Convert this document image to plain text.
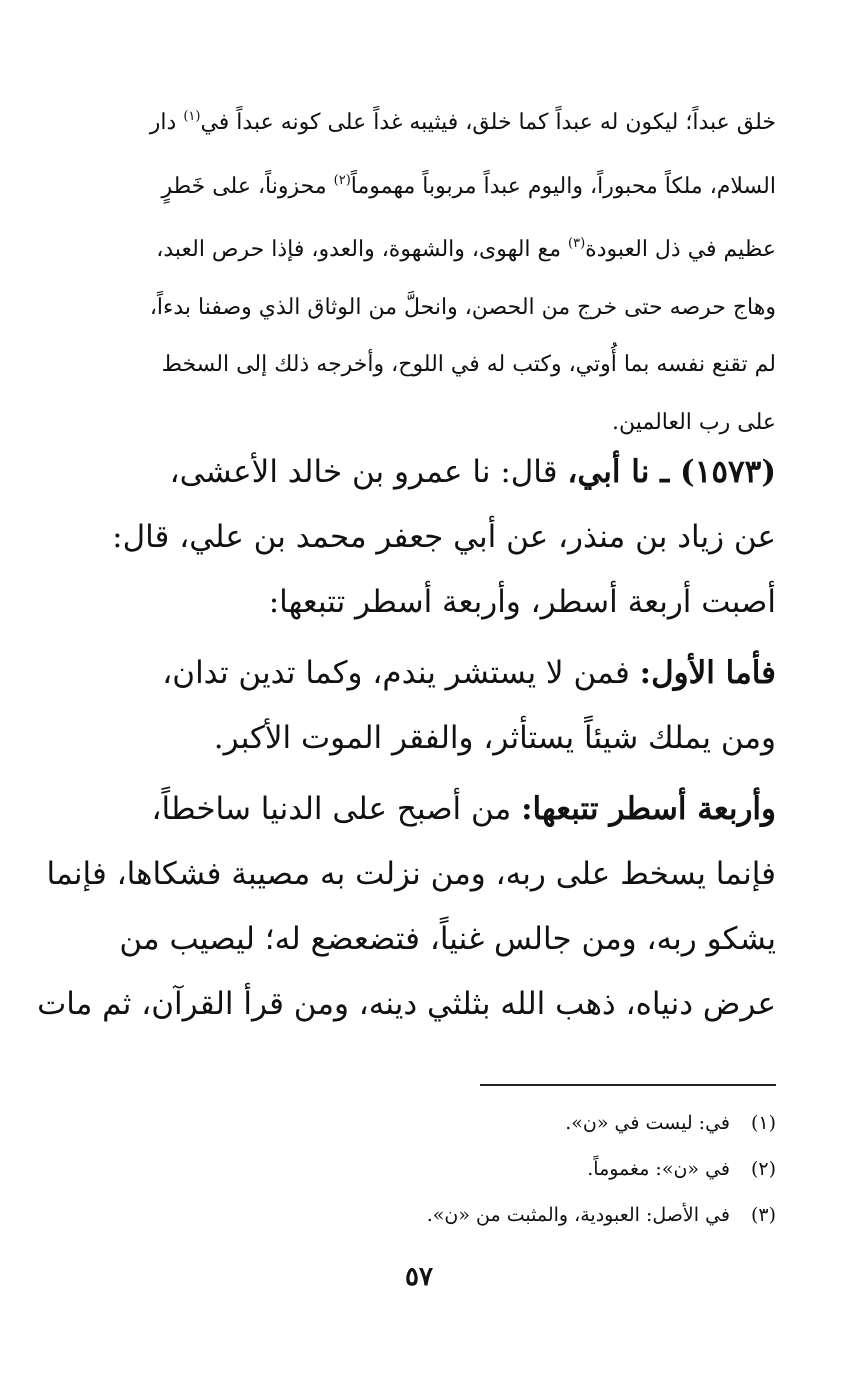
خلق عبداً؛ ليكون له عبداً كما خلق، فيثيبه غداً على كونه عبداً في$^{(١)}$ دار
السلام، ملكاً محبوراً، واليوم عبداً مربوباً مهموماً$^{(٢)}$ محزوناً، على خَطرٍ
عظيم في ذل العبودة$^{(٣)}$ مع الهوى، والشهوة، والعدو، فإذا حرص العبد،
وهاج حرصه حتى خرج من الحصن، وانحلَّ من الوثاق الذي وصفنا بدءاً،
لم تقنع نفسه بما أُوتي، وكتب له في اللوح، وأخرجه ذلك إلى السخط
على رب العالمين.
(١٥٧٣) ـ نا أبي، قال: نا عمرو بن خالد الأعشى،
عن زياد بن منذر، عن أبي جعفر محمد بن علي، قال:
أصبت أربعة أسطر، وأربعة أسطر تتبعها:
فأما الأول: فمن لا يستشر يندم، وكما تدين تدان،
ومن يملك شيئاً يستأثر، والفقر الموت الأكبر.
وأربعة أسطر تتبعها: من أصبح على الدنيا ساخطاً،
فإنما يسخط على ربه، ومن نزلت به مصيبة فشكاها، فإنما
يشكو ربه، ومن جالس غنياً، فتضعضع له؛ ليصيب من
عرض دنياه، ذهب الله بثلثي دينه، ومن قرأ القرآن، ثم مات
(١)في: ليست في «ن».
(٢)في «ن»: مغموماً.
(٣)في الأصل: العبودية، والمثبت من «ن».
٥٧
